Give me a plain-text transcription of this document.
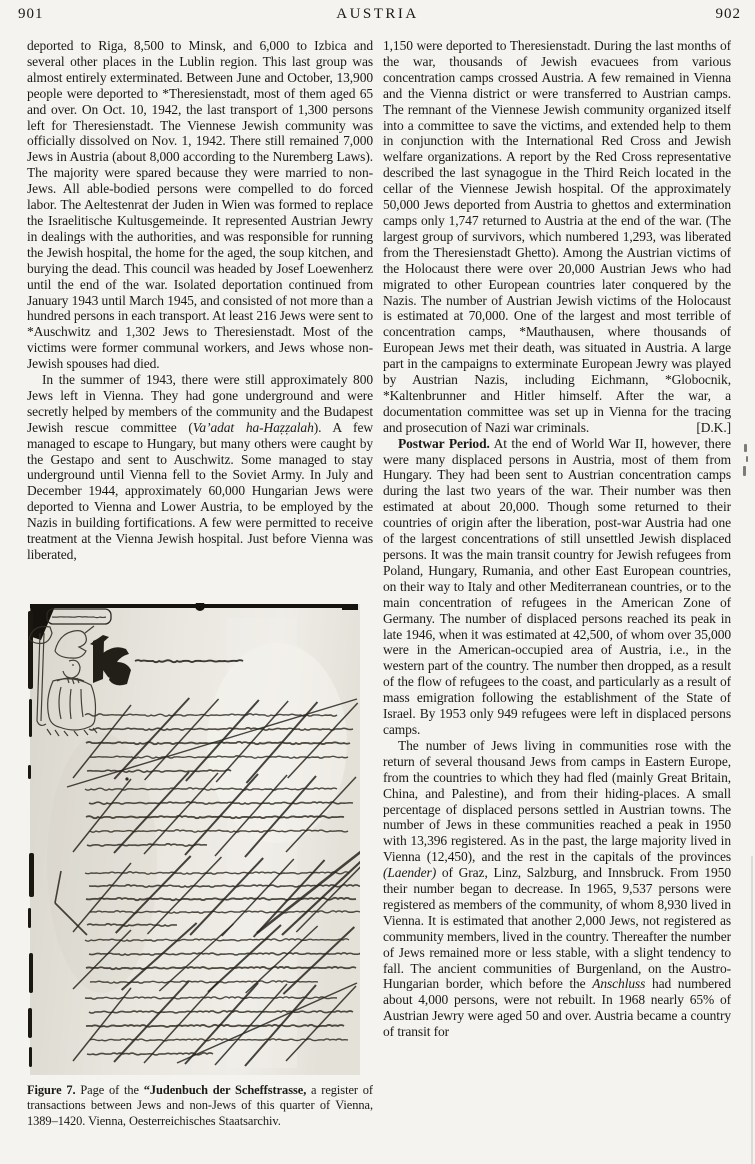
901	AUSTRIA	902

deported to Riga, 8,500 to Minsk, and 6,000 to Izbica and several other places in the Lublin region. This last group was almost entirely exterminated. Between June and October, 13,900 people were deported to *Theresienstadt, most of them aged 65 and over. On Oct. 10, 1942, the last transport of 1,300 persons left for Theresienstadt. The Viennese Jewish community was officially dissolved on Nov. 1, 1942. There still remained 7,000 Jews in Austria (about 8,000 according to the Nuremberg Laws). The majority were spared because they were married to non-Jews. All able-bodied persons were compelled to do forced labor. The Aeltestenrat der Juden in Wien was formed to replace the Israelitische Kultusgemeinde. It represented Austrian Jewry in dealings with the authorities, and was responsible for running the Jewish hospital, the home for the aged, the soup kitchen, and burying the dead. This council was headed by Josef Loewenherz until the end of the war. Isolated deportation continued from January 1943 until March 1945, and consisted of not more than a hundred persons in each transport. At least 216 Jews were sent to *Auschwitz and 1,302 Jews to Theresienstadt. Most of the victims were former communal workers, and Jews whose non-Jewish spouses had died.

In the summer of 1943, there were still approximately 800 Jews left in Vienna. They had gone underground and were secretly helped by members of the community and the Budapest Jewish rescue committee (Va’adat ha-Haẓẓalah). A few managed to escape to Hungary, but many others were caught by the Gestapo and sent to Auschwitz. Some managed to stay underground until Vienna fell to the Soviet Army. In July and December 1944, approximately 60,000 Hungarian Jews were deported to Vienna and Lower Austria, to be employed by the Nazis in building fortifications. A few were permitted to receive treatment at the Vienna Jewish hospital. Just before Vienna was liberated,

Figure 7. Page of the “Judenbuch der Scheffstrasse, a register of transactions between Jews and non-Jews of this quarter of Vienna, 1389–1420. Vienna, Oesterreichisches Staatsarchiv.

1,150 were deported to Theresienstadt. During the last months of the war, thousands of Jewish evacuees from various concentration camps crossed Austria. A few remained in Vienna and the Vienna district or were transferred to Austrian camps. The remnant of the Viennese Jewish community organized itself into a committee to save the victims, and extended help to them in conjunction with the International Red Cross and Jewish welfare organizations. A report by the Red Cross representative described the last synagogue in the Third Reich located in the cellar of the Viennese Jewish hospital. Of the approximately 50,000 Jews deported from Austria to ghettos and extermination camps only 1,747 returned to Austria at the end of the war. (The largest group of survivors, which numbered 1,293, was liberated from the Theresienstadt Ghetto). Among the Austrian victims of the Holocaust there were over 20,000 Austrian Jews who had migrated to other European countries later conquered by the Nazis. The number of Austrian Jewish victims of the Holocaust is estimated at 70,000. One of the largest and most terrible of concentration camps, *Mauthausen, where thousands of European Jews met their death, was situated in Austria. A large part in the campaigns to exterminate European Jewry was played by Austrian Nazis, including Eichmann, *Globocnik, *Kaltenbrunner and Hitler himself. After the war, a documentation committee was set up in Vienna for the tracing and prosecution of Nazi war criminals.	[D.K.]

Postwar Period. At the end of World War II, however, there were many displaced persons in Austria, most of them from Hungary. They had been sent to Austrian concentration camps during the last two years of the war. Their number was then estimated at about 20,000. Though some returned to their countries of origin after the liberation, post-war Austria had one of the largest concentrations of still unsettled Jewish displaced persons. It was the main transit country for Jewish refugees from Poland, Hungary, Rumania, and other East European countries, on their way to Italy and other Mediterranean countries, or to the main concentration of refugees in the American Zone of Germany. The number of displaced persons reached its peak in late 1946, when it was estimated at 42,500, of whom over 35,000 were in the American-occupied area of Austria, i.e., in the western part of the country. The number then dropped, as a result of the flow of refugees to the coast, and particularly as a result of mass emigration following the establishment of the State of Israel. By 1953 only 949 refugees were left in displaced persons camps.

The number of Jews living in communities rose with the return of several thousand Jews from camps in Eastern Europe, from the countries to which they had fled (mainly Great Britain, China, and Palestine), and from their hiding-places. A small percentage of displaced persons settled in Austrian towns. The number of Jews in these communities reached a peak in 1950 with 13,396 registered. As in the past, the large majority lived in Vienna (12,450), and the rest in the capitals of the provinces (Laender) of Graz, Linz, Salzburg, and Innsbruck. From 1950 their number began to decrease. In 1965, 9,537 persons were registered as members of the community, of whom 8,930 lived in Vienna. It is estimated that another 2,000 Jews, not registered as community members, lived in the country. Thereafter the number of Jews remained more or less stable, with a slight tendency to fall. The ancient communities of Burgenland, on the Austro-Hungarian border, which before the Anschluss had numbered about 4,000 persons, were not rebuilt. In 1968 nearly 65% of Austrian Jewry were aged 50 and over. Austria became a country of transit for
